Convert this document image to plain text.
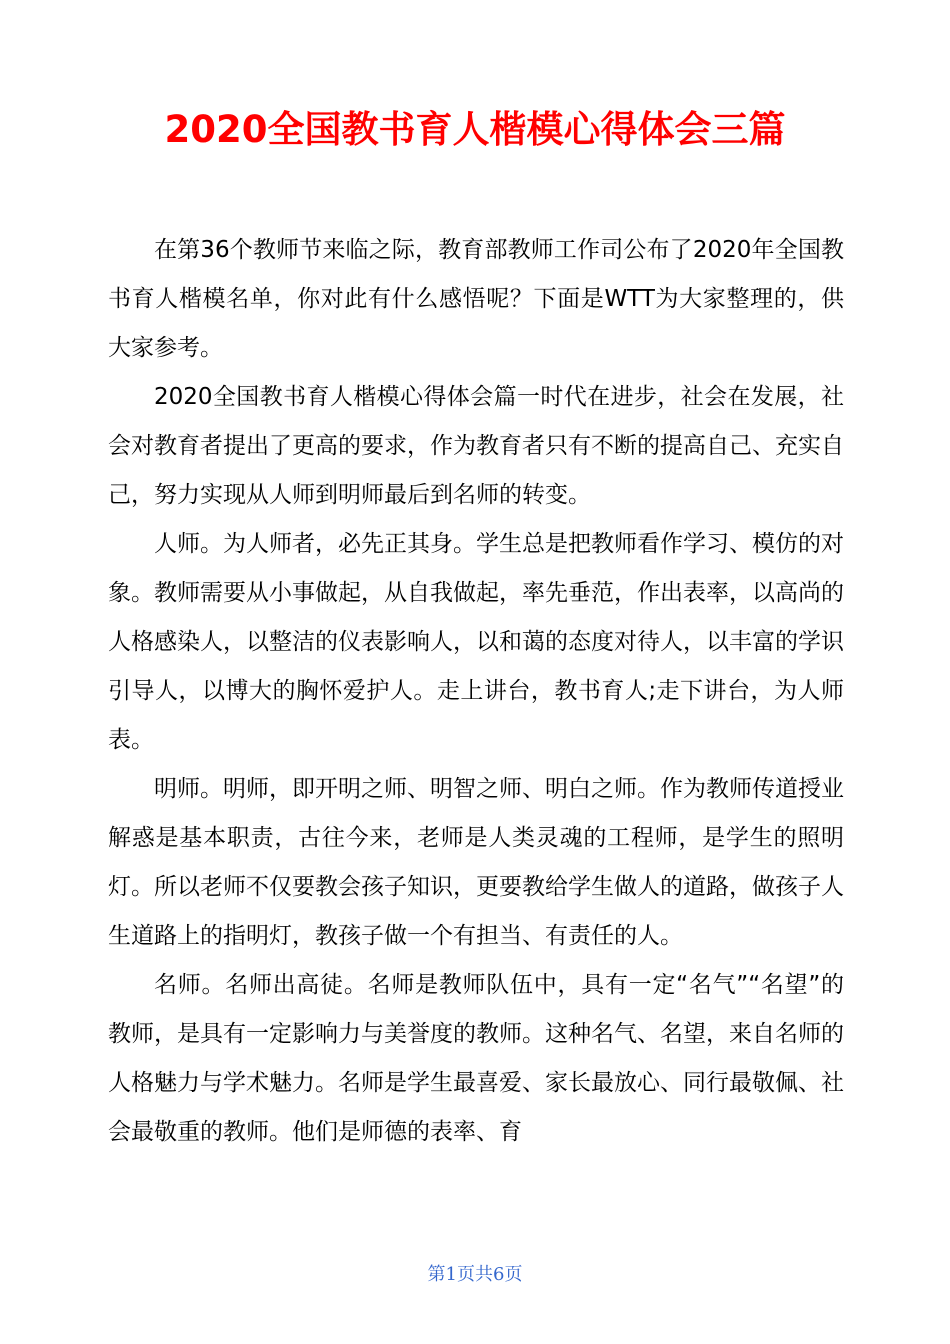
2020全国教书育人楷模心得体会三篇

在第36个教师节来临之际，教育部教师工作司公布了2020年全国教书育人楷模名单，你对此有什么感悟呢？下面是WTT为大家整理的，供大家参考。

2020全国教书育人楷模心得体会篇一时代在进步，社会在发展，社会对教育者提出了更高的要求，作为教育者只有不断的提高自己、充实自己，努力实现从人师到明师最后到名师的转变。

人师。为人师者，必先正其身。学生总是把教师看作学习、模仿的对象。教师需要从小事做起，从自我做起，率先垂范，作出表率，以高尚的人格感染人，以整洁的仪表影响人，以和蔼的态度对待人，以丰富的学识引导人，以博大的胸怀爱护人。走上讲台，教书育人;走下讲台，为人师表。

明师。明师，即开明之师、明智之师、明白之师。作为教师传道授业解惑是基本职责，古往今来，老师是人类灵魂的工程师，是学生的照明灯。所以老师不仅要教会孩子知识，更要教给学生做人的道路，做孩子人生道路上的指明灯，教孩子做一个有担当、有责任的人。

名师。名师出高徒。名师是教师队伍中，具有一定“名气”“名望”的教师，是具有一定影响力与美誉度的教师。这种名气、名望，来自名师的人格魅力与学术魅力。名师是学生最喜爱、家长最放心、同行最敬佩、社会最敬重的教师。他们是师德的表率、育

第1页共6页
